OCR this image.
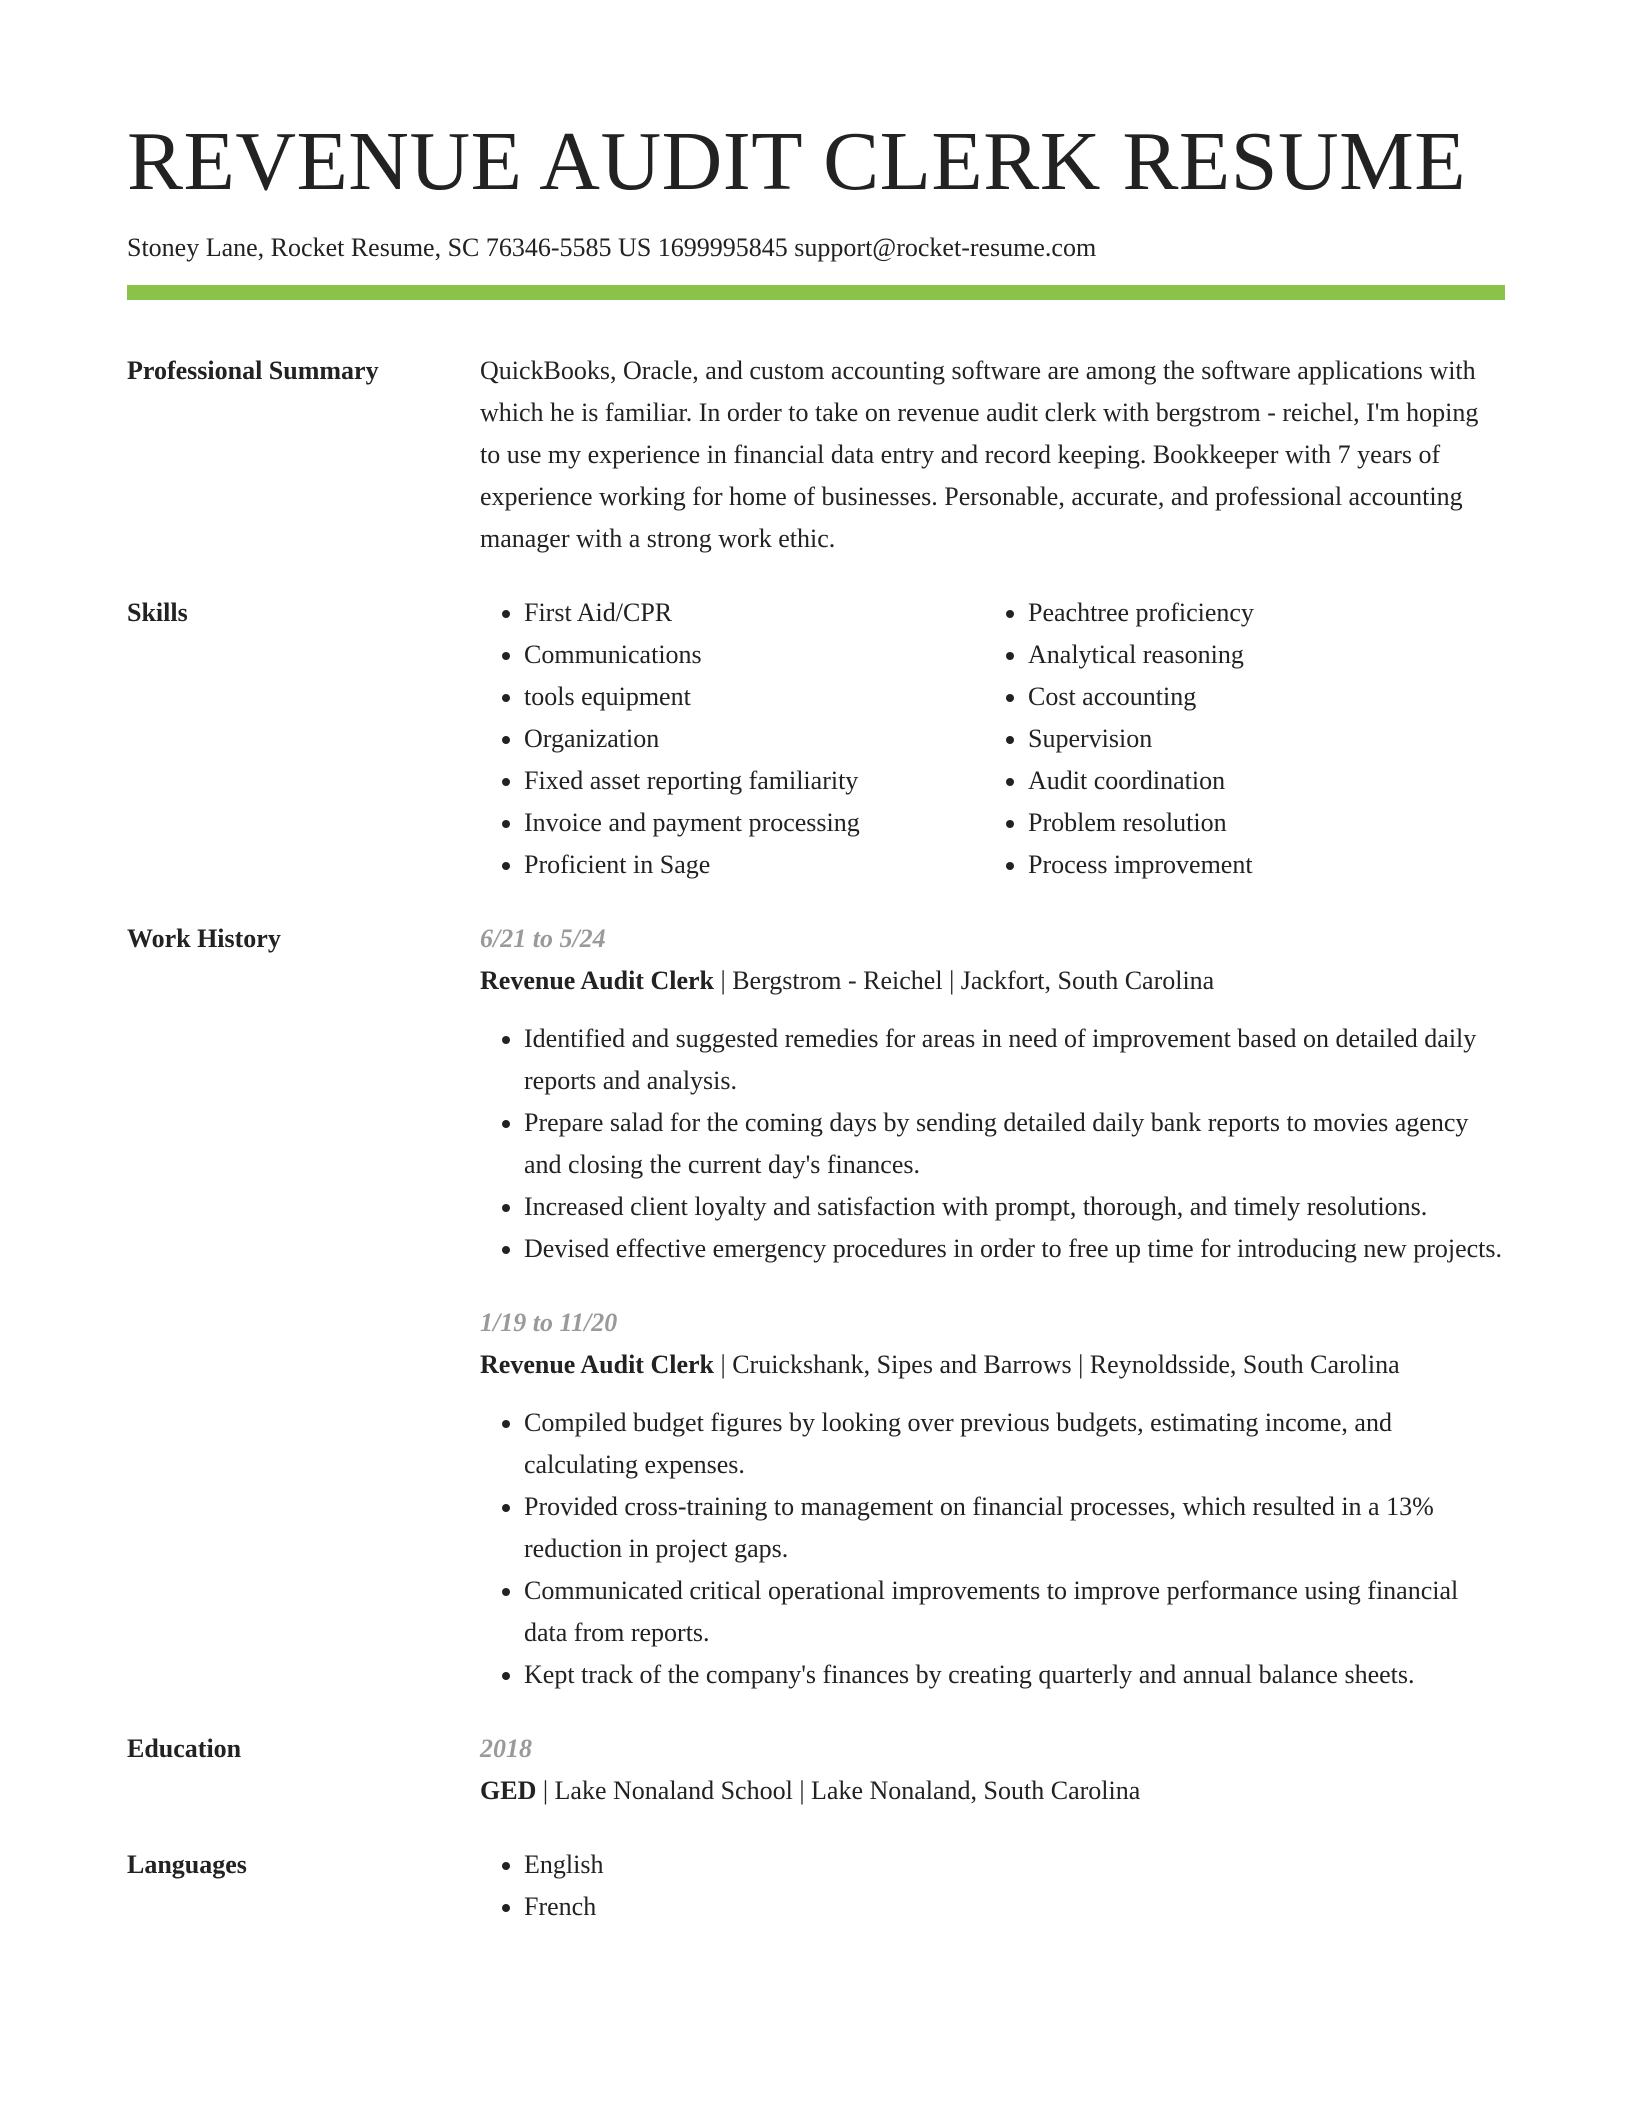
REVENUE AUDIT CLERK RESUME
Stoney Lane, Rocket Resume, SC 76346-5585 US 1699995845 support@rocket-resume.com
Professional Summary	QuickBooks, Oracle, and custom accounting software are among the software applications with which he is familiar. In order to take on revenue audit clerk with bergstrom - reichel, I'm hoping to use my experience in financial data entry and record keeping. Bookkeeper with 7 years of experience working for home of businesses. Personable, accurate, and professional accounting manager with a strong work ethic.
Skills	• First Aid/CPR
• Communications
• tools equipment
• Organization
• Fixed asset reporting familiarity
• Invoice and payment processing
• Proficient in Sage
• Peachtree proficiency
• Analytical reasoning
• Cost accounting
• Supervision
• Audit coordination
• Problem resolution
• Process improvement
Work History	6/21 to 5/24
Revenue Audit Clerk | Bergstrom - Reichel | Jackfort, South Carolina
• Identified and suggested remedies for areas in need of improvement based on detailed daily reports and analysis.
• Prepare salad for the coming days by sending detailed daily bank reports to movies agency and closing the current day's finances.
• Increased client loyalty and satisfaction with prompt, thorough, and timely resolutions.
• Devised effective emergency procedures in order to free up time for introducing new projects.
1/19 to 11/20
Revenue Audit Clerk | Cruickshank, Sipes and Barrows | Reynoldsside, South Carolina
• Compiled budget figures by looking over previous budgets, estimating income, and calculating expenses.
• Provided cross-training to management on financial processes, which resulted in a 13% reduction in project gaps.
• Communicated critical operational improvements to improve performance using financial data from reports.
• Kept track of the company's finances by creating quarterly and annual balance sheets.
Education	2018
GED | Lake Nonaland School | Lake Nonaland, South Carolina
Languages	• English
• French
